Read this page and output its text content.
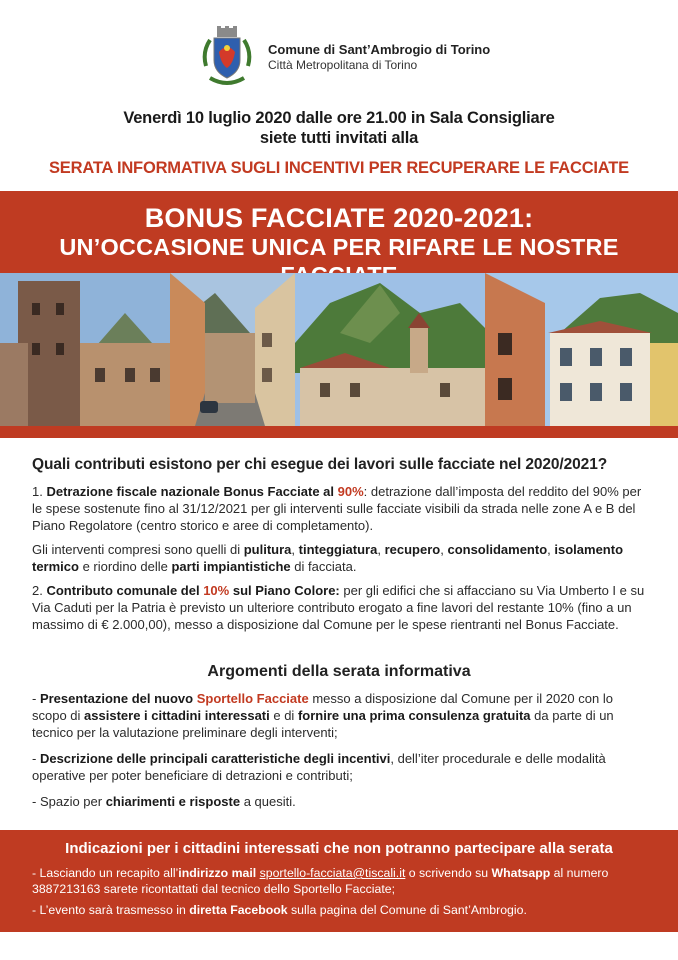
Comune di Sant’Ambrogio di Torino
Città Metropolitana di Torino
Venerdì 10 luglio 2020 dalle ore 21.00 in Sala Consigliare
siete tutti invitati alla
SERATA INFORMATIVA SUGLI INCENTIVI PER RECUPERARE LE FACCIATE
BONUS FACCIATE 2020-2021:
UN’OCCASIONE UNICA PER RIFARE LE NOSTRE
Quali contributi esistono per chi esegue dei lavori sulle facciate nel 2020/2021?
1. Detrazione fiscale nazionale Bonus Facciate al 90%: detrazione dall’imposta del reddito del 90% per le spese sostenute fino al 31/12/2021 per gli interventi sulle facciate visibili da strada nelle zone A e B del Piano Regolatore (centro storico e aree di completamento).
Gli interventi compresi sono quelli di pulitura, tinteggiatura, recupero, consolidamento, isolamento termico e riordino delle parti impiantistiche di facciata.
2. Contributo comunale del 10% sul Piano Colore: per gli edifici che si affacciano su Via Umberto I e su Via Caduti per la Patria è previsto un ulteriore contributo erogato a fine lavori del restante 10% (fino a un massimo di € 2.000,00), messo a disposizione dal Comune per le spese rientranti nel Bonus Facciate.
Argomenti della serata informativa
- Presentazione del nuovo Sportello Facciate messo a disposizione dal Comune per il 2020 con lo scopo di assistere i cittadini interessati e di fornire una prima consulenza gratuita da parte di un tecnico per la valutazione preliminare degli interventi;
- Descrizione delle principali caratteristiche degli incentivi, dell’iter procedurale e delle modalità operative per poter beneficiare di detrazioni e contributi;
- Spazio per chiarimenti e risposte a quesiti.
Indicazioni per i cittadini interessati che non potranno partecipare alla serata
- Lasciando un recapito all’indirizzo mail sportello-facciata@tiscali.it o scrivendo su Whatsapp al numero 3887213163 sarete ricontattati dal tecnico dello Sportello Facciate;
- L’evento sarà trasmesso in diretta Facebook sulla pagina del Comune di Sant’Ambrogio.
